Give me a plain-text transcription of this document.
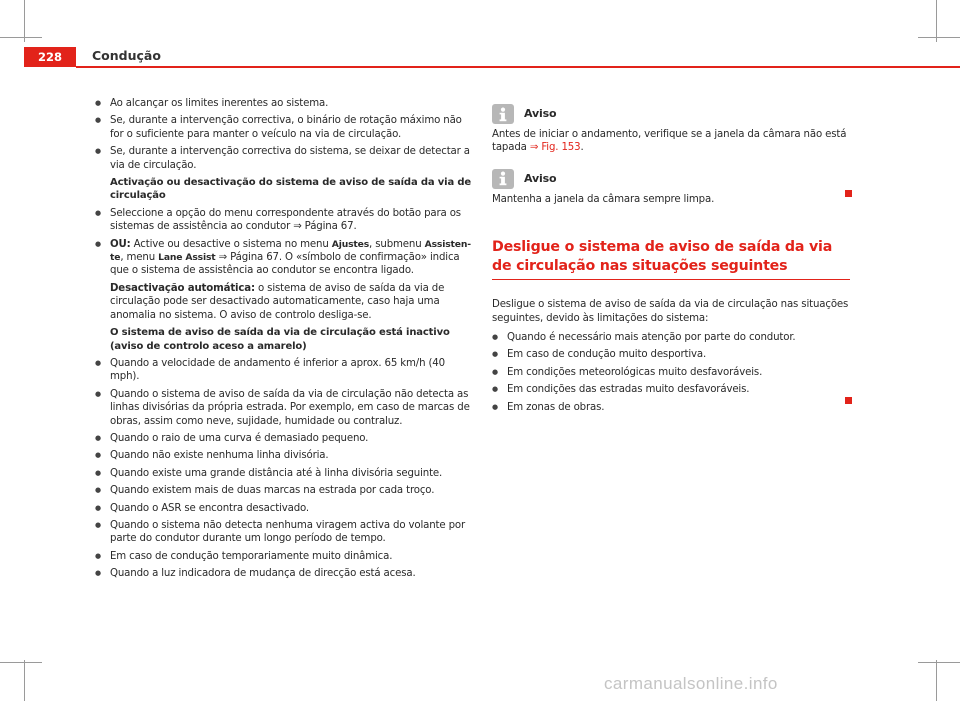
228	Condução

● Ao alcançar os limites inerentes ao sistema.

● Se, durante a intervenção correctiva, o binário de rotação máximo não for o suficiente para manter o veículo na via de circulação.

● Se, durante a intervenção correctiva do sistema, se deixar de detectar a via de circulação.

Activação ou desactivação do sistema de aviso de saída da via de circulação

● Seleccione a opção do menu correspondente através do botão para os sistemas de assistência ao condutor ⇒ Página 67.

● OU: Active ou desactive o sistema no menu Ajustes, submenu Assistente, menu Lane Assist ⇒ Página 67. O «símbolo de confirmação» indica que o sistema de assistência ao condutor se encontra ligado.

Desactivação automática: o sistema de aviso de saída da via de circulação pode ser desactivado automaticamente, caso haja uma anomalia no sistema. O aviso de controlo desliga-se.

O sistema de aviso de saída da via de circulação está inactivo (aviso de controlo aceso a amarelo)

● Quando a velocidade de andamento é inferior a aprox. 65 km/h (40 mph).

● Quando o sistema de aviso de saída da via de circulação não detecta as linhas divisórias da própria estrada. Por exemplo, em caso de marcas de obras, assim como neve, sujidade, humidade ou contraluz.

● Quando o raio de uma curva é demasiado pequeno.

● Quando não existe nenhuma linha divisória.

● Quando existe uma grande distância até à linha divisória seguinte.

● Quando existem mais de duas marcas na estrada por cada troço.

● Quando o ASR se encontra desactivado.

● Quando o sistema não detecta nenhuma viragem activa do volante por parte do condutor durante um longo período de tempo.

● Em caso de condução temporariamente muito dinâmica.

● Quando a luz indicadora de mudança de direcção está acesa.

Aviso

Antes de iniciar o andamento, verifique se a janela da câmara não está tapada ⇒ Fig. 153.

Aviso

Mantenha a janela da câmara sempre limpa.

Desligue o sistema de aviso de saída da via de circulação nas situações seguintes

Desligue o sistema de aviso de saída da via de circulação nas situações seguintes, devido às limitações do sistema:

● Quando é necessário mais atenção por parte do condutor.

● Em caso de condução muito desportiva.

● Em condições meteorológicas muito desfavoráveis.

● Em condições das estradas muito desfavoráveis.

● Em zonas de obras.

carmanualsonline.info
